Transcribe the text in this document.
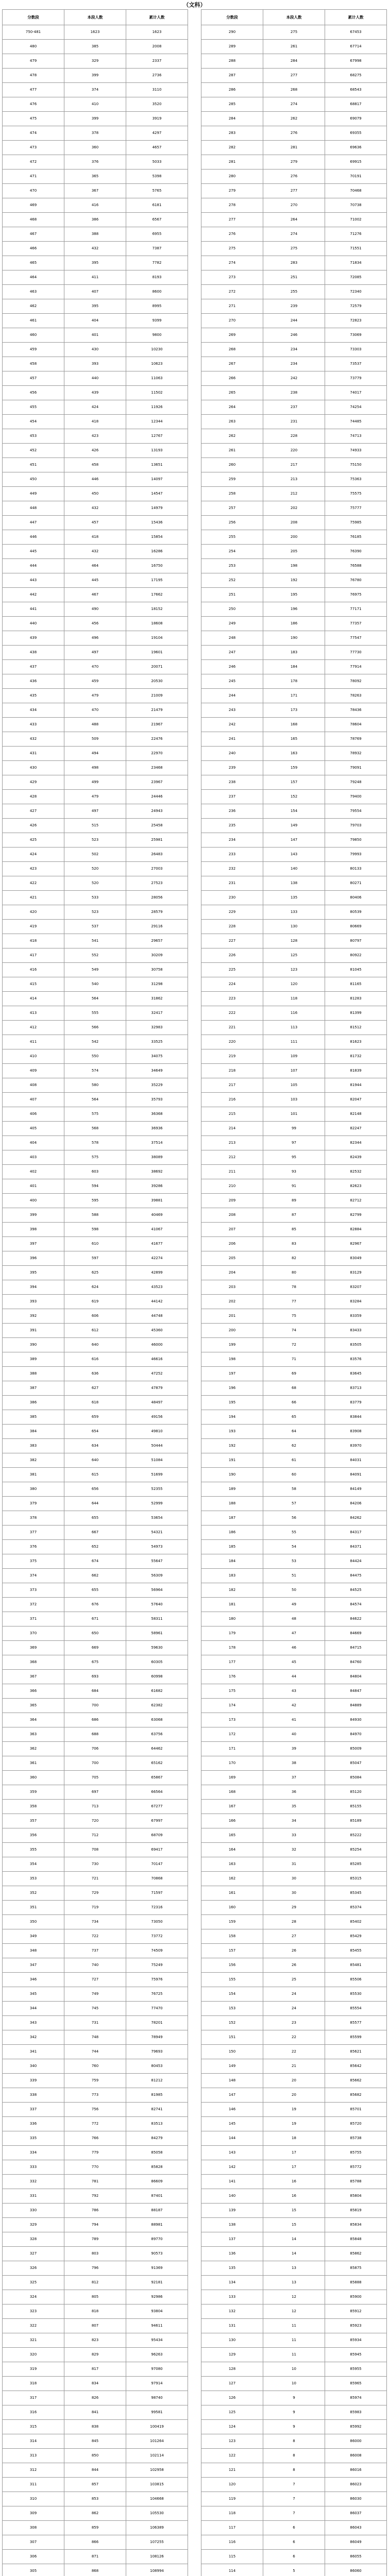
（文科）
分数段	本段人数	累计人数
750-481	1623	1623
480	385	2008
479	329	2337
478	399	2736
477	374	3110
476	410	3520
475	399	3919
474	378	4297
473	360	4657
472	376	5033
471	365	5398
470	367	5765
469	416	6181
468	386	6567
467	388	6955
466	432	7387
465	395	7782
464	411	8193
463	407	8600
462	395	8995
461	404	9399
460	401	9800
459	430	10230
458	393	10623
457	440	11063
456	439	11502
455	424	11926
454	418	12344
453	423	12767
452	426	13193
451	458	13651
450	446	14097
449	450	14547
448	432	14979
447	457	15436
446	418	15854
445	432	16286
444	464	16750
443	445	17195
442	467	17662
441	490	18152
440	456	18608
439	496	19104
438	497	19601
437	470	20071
436	459	20530
435	479	21009
434	470	21479
433	488	21967
432	509	22476
431	494	22970
430	498	23468
429	499	23967
428	479	24446
427	497	24943
426	515	25458
425	523	25981
424	502	26483
423	520	27003
422	520	27523
421	533	28056
420	523	28579
419	537	29116
418	541	29657
417	552	30209
416	549	30758
415	540	31298
414	564	31862
413	555	32417
412	566	32983
411	542	33525
410	550	34075
409	574	34649
408	580	35229
407	564	35793
406	575	36368
405	568	36936
404	578	37514
403	575	38089
402	603	38692
401	594	39286
400	595	39881
399	588	40469
398	598	41067
397	610	41677
396	597	42274
395	625	42899
394	624	43523
393	619	44142
392	606	44748
391	612	45360
390	640	46000
389	616	46616
388	636	47252
387	627	47879
386	618	48497
385	659	49156
384	654	49810
383	634	50444
382	640	51084
381	615	51699
380	656	52355
379	644	52999
378	655	53654
377	667	54321
376	652	54973
375	674	55647
374	662	56309
373	655	56964
372	676	57640
371	671	58311
370	650	58961
369	669	59630
368	675	60305
367	693	60998
366	684	61682
365	700	62382
364	686	63068
363	688	63756
362	706	64462
361	700	65162
360	705	65867
359	697	66564
358	713	67277
357	720	67997
356	712	68709
355	708	69417
354	730	70147
353	721	70868
352	729	71597
351	719	72316
350	734	73050
349	722	73772
348	737	74509
347	740	75249
346	727	75976
345	749	76725
344	745	77470
343	731	78201
342	748	78949
341	744	79693
340	760	80453
339	759	81212
338	773	81985
337	756	82741
336	772	83513
335	766	84279
334	779	85058
333	770	85828
332	781	86609
331	792	87401
330	786	88187
329	794	88981
328	789	89770
327	803	90573
326	796	91369
325	812	92181
324	805	92986
323	818	93804
322	807	94611
321	823	95434
320	829	96263
319	817	97080
318	834	97914
317	826	98740
316	841	99581
315	838	100419
314	845	101264
313	850	102114
312	844	102958
311	857	103815
310	853	104668
309	862	105530
308	859	106389
307	866	107255
306	871	108126
305	868	108994

分数段	本段人数	累计人数
290	275	67453
289	261	67714
288	284	67998
287	277	68275
286	268	68543
285	274	68817
284	262	69079
283	276	69355
282	281	69636
281	279	69915
280	276	70191
279	277	70468
278	270	70738
277	264	71002
276	274	71276
275	275	71551
274	283	71834
273	251	72085
272	255	72340
271	239	72579
270	244	72823
269	246	73069
268	234	73303
267	234	73537
266	242	73779
265	238	74017
264	237	74254
263	231	74485
262	228	74713
261	220	74933
260	217	75150
259	213	75363
258	212	75575
257	202	75777
256	208	75985
255	200	76185
254	205	76390
253	198	76588
252	192	76780
251	195	76975
250	196	77171
249	186	77357
248	190	77547
247	183	77730
246	184	77914
245	178	78092
244	171	78263
243	173	78436
242	168	78604
241	165	78769
240	163	78932
239	159	79091
238	157	79248
237	152	79400
236	154	79554
235	149	79703
234	147	79850
233	143	79993
232	140	80133
231	138	80271
230	135	80406
229	133	80539
228	130	80669
227	128	80797
226	125	80922
225	123	81045
224	120	81165
223	118	81283
222	116	81399
221	113	81512
220	111	81623
219	109	81732
218	107	81839
217	105	81944
216	103	82047
215	101	82148
214	99	82247
213	97	82344
212	95	82439
211	93	82532
210	91	82623
209	89	82712
208	87	82799
207	85	82884
206	83	82967
205	82	83049
204	80	83129
203	78	83207
202	77	83284
201	75	83359
200	74	83433
199	72	83505
198	71	83576
197	69	83645
196	68	83713
195	66	83779
194	65	83844
193	64	83908
192	62	83970
191	61	84031
190	60	84091
189	58	84149
188	57	84206
187	56	84262
186	55	84317
185	54	84371
184	53	84424
183	51	84475
182	50	84525
181	49	84574
180	48	84622
179	47	84669
178	46	84715
177	45	84760
176	44	84804
175	43	84847
174	42	84889
173	41	84930
172	40	84970
171	39	85009
170	38	85047
169	37	85084
168	36	85120
167	35	85155
166	34	85189
165	33	85222
164	32	85254
163	31	85285
162	30	85315
161	30	85345
160	29	85374
159	28	85402
158	27	85429
157	26	85455
156	26	85481
155	25	85506
154	24	85530
153	24	85554
152	23	85577
151	22	85599
150	22	85621
149	21	85642
148	20	85662
147	20	85682
146	19	85701
145	19	85720
144	18	85738
143	17	85755
142	17	85772
141	16	85788
140	16	85804
139	15	85819
138	15	85834
137	14	85848
136	14	85862
135	13	85875
134	13	85888
133	12	85900
132	12	85912
131	11	85923
130	11	85934
129	11	85945
128	10	85955
127	10	85965
126	9	85974
125	9	85983
124	9	85992
123	8	86000
122	8	86008
121	8	86016
120	7	86023
119	7	86030
118	7	86037
117	6	86043
116	6	86049
115	6	86055
114	5	86060
